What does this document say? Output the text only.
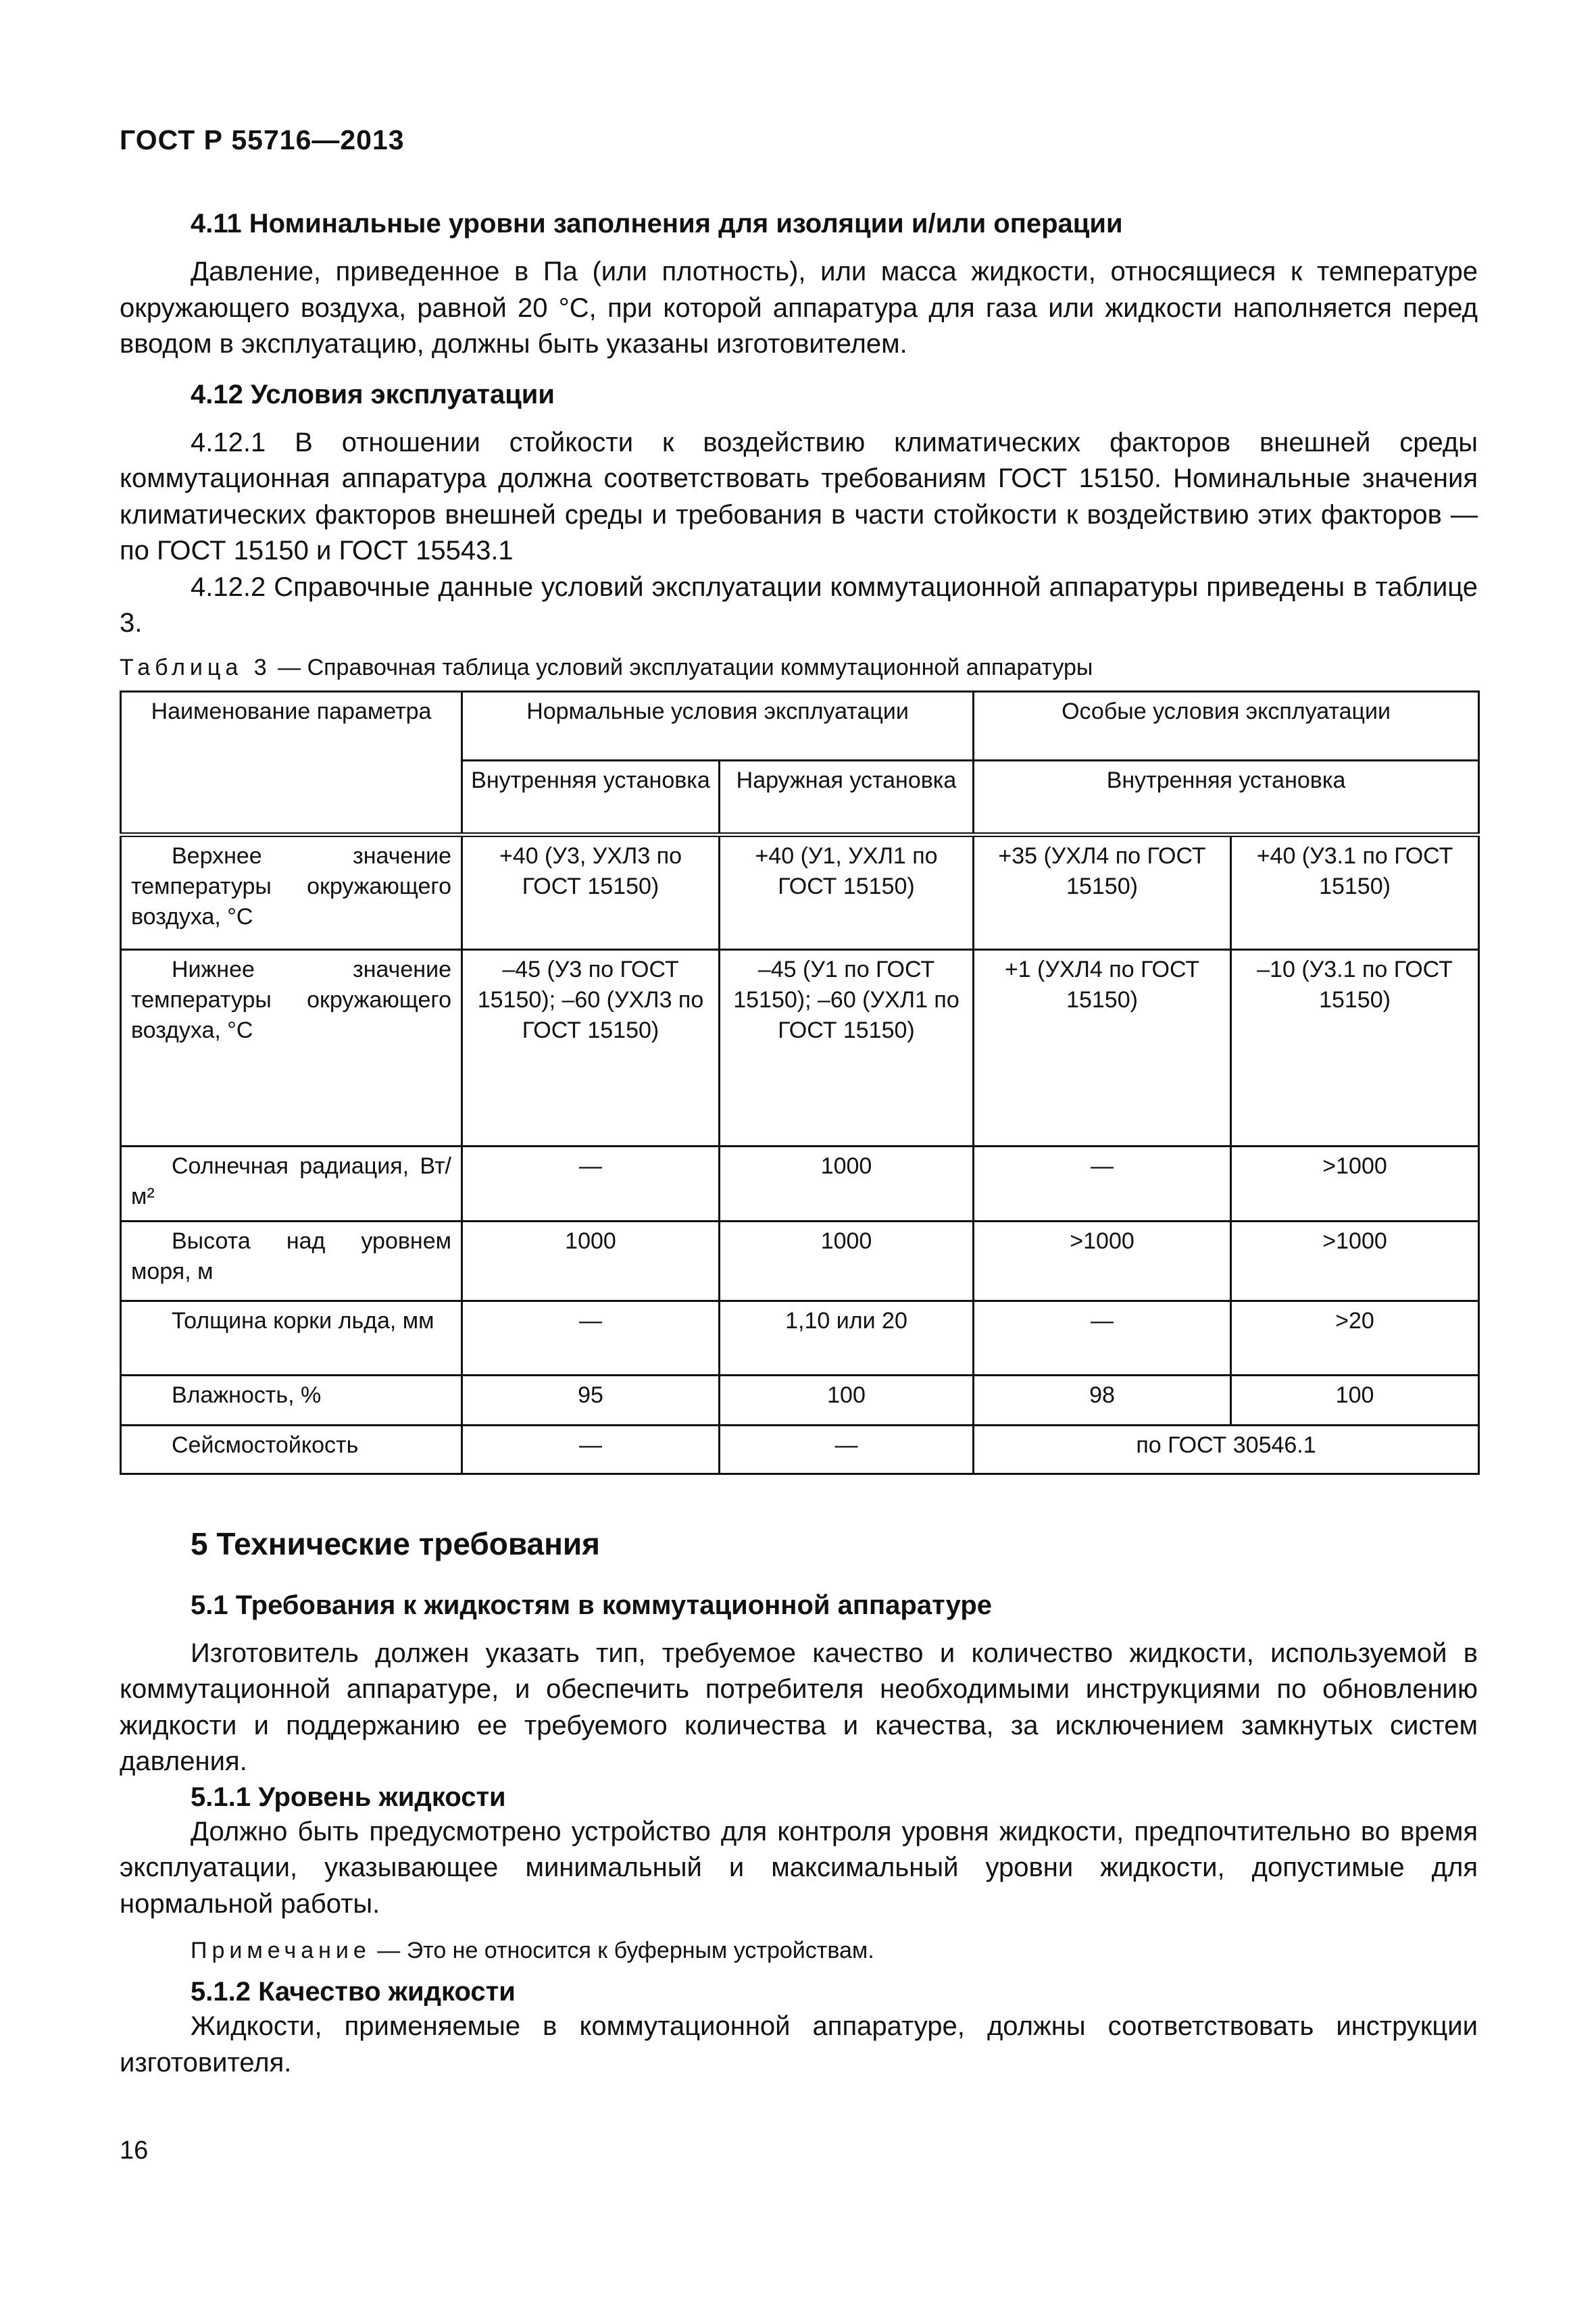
ГОСТ Р 55716—2013
4.11 Номинальные уровни заполнения для изоляции и/или операции
Давление, приведенное в Па (или плотность), или масса жидкости, относящиеся к температуре окружающего воздуха, равной 20 °С, при которой аппаратура для газа или жидкости наполняется перед вводом в эксплуатацию, должны быть указаны изготовителем.
4.12 Условия эксплуатации
4.12.1 В отношении стойкости к воздействию климатических факторов внешней среды коммутационная аппаратура должна соответствовать требованиям ГОСТ 15150. Номинальные значения климатических факторов внешней среды и требования в части стойкости к воздействию этих факторов — по ГОСТ 15150 и ГОСТ 15543.1
4.12.2 Справочные данные условий эксплуатации коммутационной аппаратуры приведены в таблице 3.
Таблица 3 — Справочная таблица условий эксплуатации коммутационной аппаратуры
Наименование параметра	Нормальные условия эксплуатации		Особые условия эксплуатации	
	Внутренняя установка	Наружная установка	Внутренняя установка	
Верхнее значение температуры окружающего воздуха, °С	+40 (У3, УХЛ3 по ГОСТ 15150)	+40 (У1, УХЛ1 по ГОСТ 15150)	+35 (УХЛ4 по ГОСТ 15150)	+40 (У3.1 по ГОСТ 15150)
Нижнее значение температуры окружающего воздуха, °С	–45 (У3 по ГОСТ 15150); –60 (УХЛ3 по ГОСТ 15150)	–45 (У1 по ГОСТ 15150); –60 (УХЛ1 по ГОСТ 15150)	+1 (УХЛ4 по ГОСТ 15150)	–10 (У3.1 по ГОСТ 15150)
Солнечная радиация, Вт/м²	—	1000	—	>1000
Высота над уровнем моря, м	1000	1000	>1000	>1000
Толщина корки льда, мм	—	1,10 или 20	—	>20
Влажность, %	95	100	98	100
Сейсмостойкость	—	—	по ГОСТ 30546.1	
5 Технические требования
5.1 Требования к жидкостям в коммутационной аппаратуре
Изготовитель должен указать тип, требуемое качество и количество жидкости, используемой в коммутационной аппаратуре, и обеспечить потребителя необходимыми инструкциями по обновлению жидкости и поддержанию ее требуемого количества и качества, за исключением замкнутых систем давления.
5.1.1 Уровень жидкости
Должно быть предусмотрено устройство для контроля уровня жидкости, предпочтительно во время эксплуатации, указывающее минимальный и максимальный уровни жидкости, допустимые для нормальной работы.
Примечание — Это не относится к буферным устройствам.
5.1.2 Качество жидкости
Жидкости, применяемые в коммутационной аппаратуре, должны соответствовать инструкции изготовителя.
16
